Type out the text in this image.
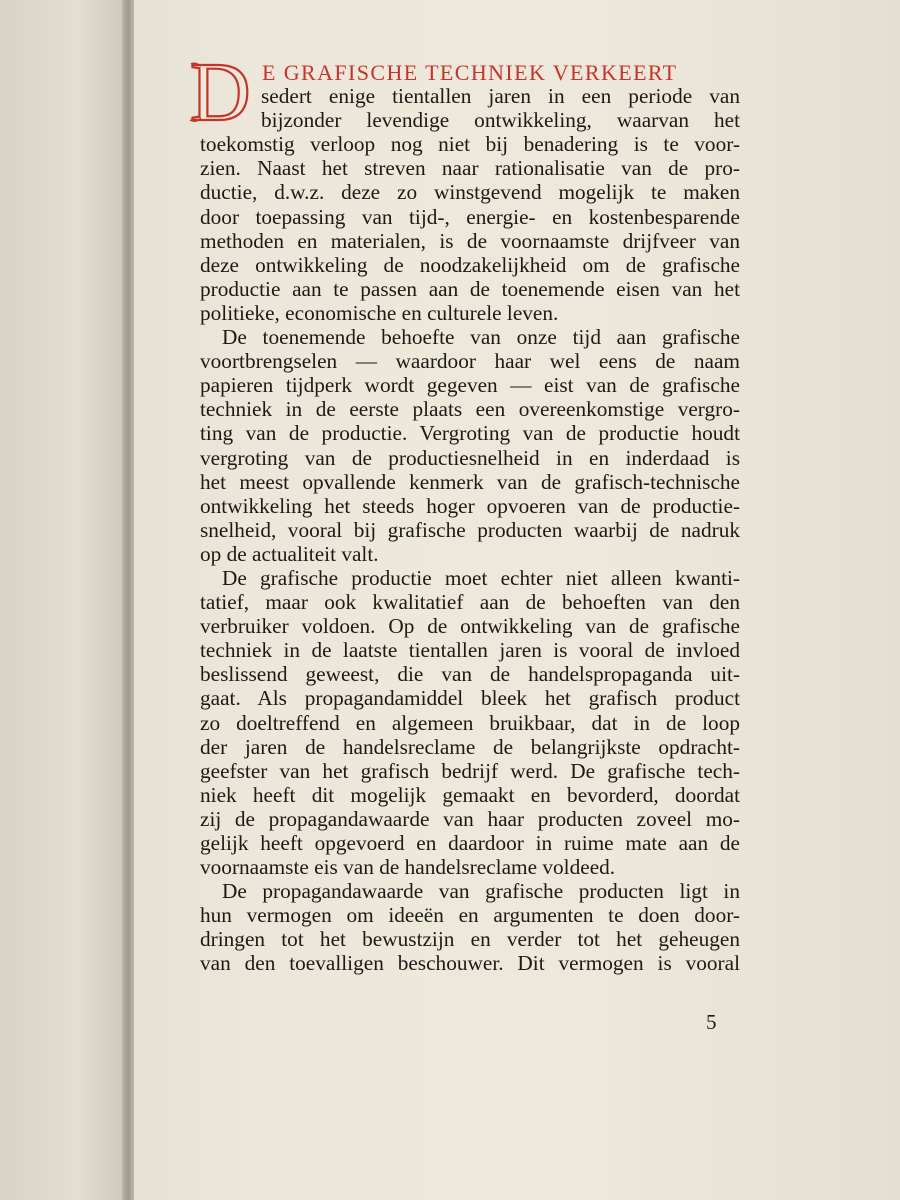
D E GRAFISCHE TECHNIEK VERKEERT
sedert enige tientallen jaren in een periode van
bijzonder levendige ontwikkeling, waarvan het
toekomstig verloop nog niet bij benadering is te voor-
zien. Naast het streven naar rationalisatie van de pro-
ductie, d.w.z. deze zo winstgevend mogelijk te maken
door toepassing van tijd-, energie- en kostenbesparende
methoden en materialen, is de voornaamste drijfveer van
deze ontwikkeling de noodzakelijkheid om de grafische
productie aan te passen aan de toenemende eisen van het
politieke, economische en culturele leven.
De toenemende behoefte van onze tijd aan grafische
voortbrengselen — waardoor haar wel eens de naam
papieren tijdperk wordt gegeven — eist van de grafische
techniek in de eerste plaats een overeenkomstige vergro-
ting van de productie. Vergroting van de productie houdt
vergroting van de productiesnelheid in en inderdaad is
het meest opvallende kenmerk van de grafisch-technische
ontwikkeling het steeds hoger opvoeren van de productie-
snelheid, vooral bij grafische producten waarbij de nadruk
op de actualiteit valt.
De grafische productie moet echter niet alleen kwanti-
tatief, maar ook kwalitatief aan de behoeften van den
verbruiker voldoen. Op de ontwikkeling van de grafische
techniek in de laatste tientallen jaren is vooral de invloed
beslissend geweest, die van de handelspropaganda uit-
gaat. Als propagandamiddel bleek het grafisch product
zo doeltreffend en algemeen bruikbaar, dat in de loop
der jaren de handelsreclame de belangrijkste opdracht-
geefster van het grafisch bedrijf werd. De grafische tech-
niek heeft dit mogelijk gemaakt en bevorderd, doordat
zij de propagandawaarde van haar producten zoveel mo-
gelijk heeft opgevoerd en daardoor in ruime mate aan de
voornaamste eis van de handelsreclame voldeed.
De propagandawaarde van grafische producten ligt in
hun vermogen om ideeën en argumenten te doen door-
dringen tot het bewustzijn en verder tot het geheugen
van den toevalligen beschouwer. Dit vermogen is vooral
5
